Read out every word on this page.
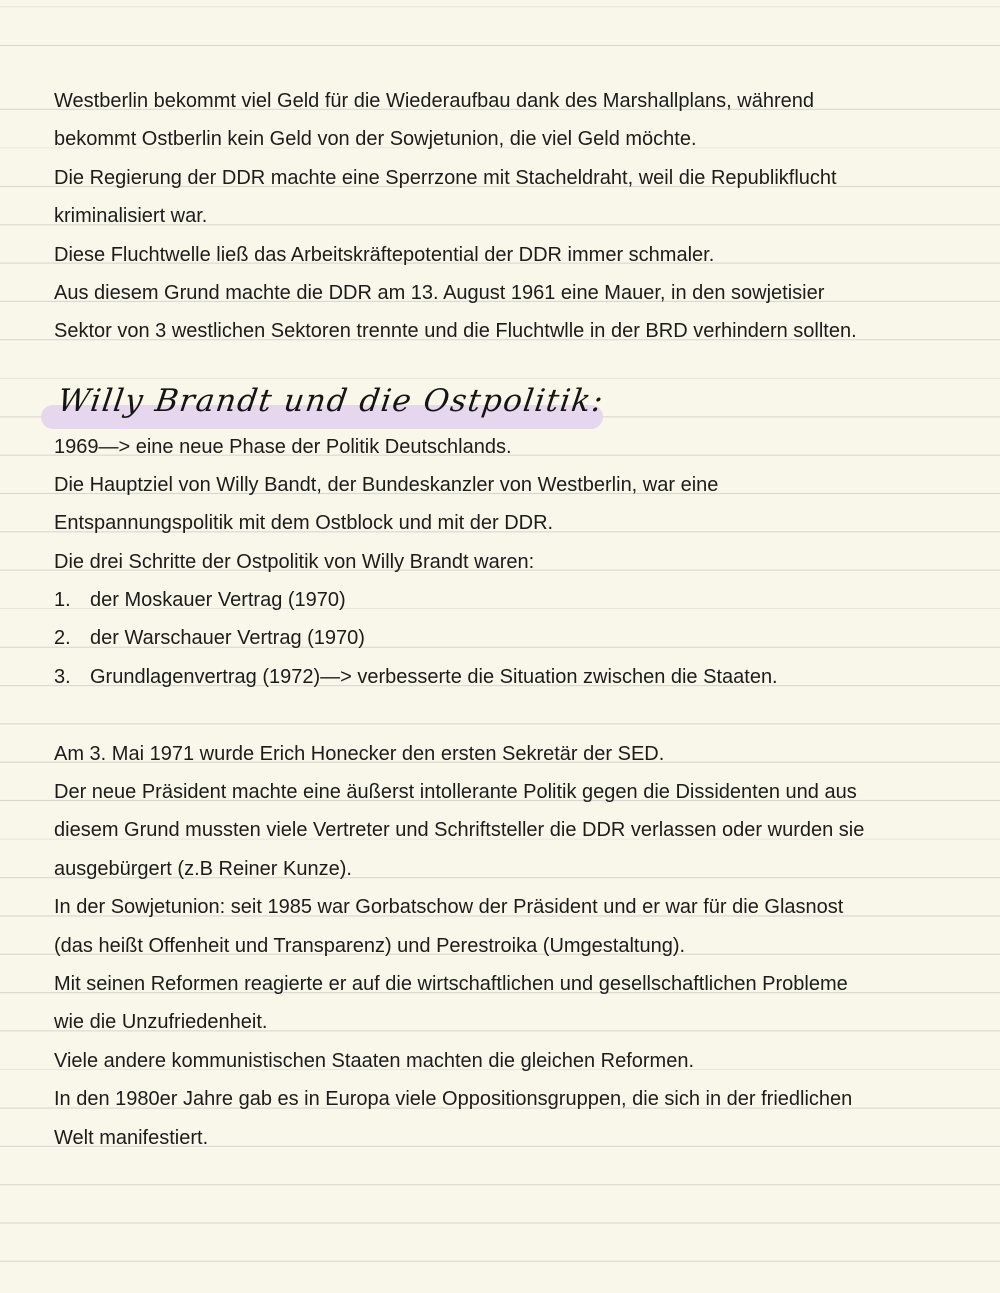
Westberlin bekommt viel Geld für die Wiederaufbau dank des Marshallplans, während
bekommt Ostberlin kein Geld von der Sowjetunion, die viel Geld möchte.
Die Regierung der DDR machte eine Sperrzone mit Stacheldraht, weil die Republikflucht
kriminalisiert war.
Diese Fluchtwelle ließ das Arbeitskräftepotential der DDR immer schmaler.
Aus diesem Grund machte die DDR am 13. August 1961 eine Mauer, in den sowjetisier
Sektor von 3 westlichen Sektoren trennte und die Fluchtwlle in der BRD verhindern sollten.
Willy Brandt und die Ostpolitik:
1969—> eine neue Phase der Politik Deutschlands.
Die Hauptziel von Willy Bandt, der Bundeskanzler von Westberlin, war eine
Entspannungspolitik mit dem Ostblock und mit der DDR.
Die drei Schritte der Ostpolitik von Willy Brandt waren:
1. der Moskauer Vertrag (1970)
2. der Warschauer Vertrag (1970)
3. Grundlagenvertrag (1972)—> verbesserte die Situation zwischen die Staaten.
Am 3. Mai 1971 wurde Erich Honecker den ersten Sekretär der SED.
Der neue Präsident machte eine äußerst intollerante Politik gegen die Dissidenten und aus
diesem Grund mussten viele Vertreter und Schriftsteller die DDR verlassen oder wurden sie
ausgebürgert (z.B Reiner Kunze).
In der Sowjetunion: seit 1985 war Gorbatschow der Präsident und er war für die Glasnost
(das heißt Offenheit und Transparenz) und Perestroika (Umgestaltung).
Mit seinen Reformen reagierte er auf die wirtschaftlichen und gesellschaftlichen Probleme
wie die Unzufriedenheit.
Viele andere kommunistischen Staaten machten die gleichen Reformen.
In den 1980er Jahre gab es in Europa viele Oppositionsgruppen, die sich in der friedlichen
Welt manifestiert.
